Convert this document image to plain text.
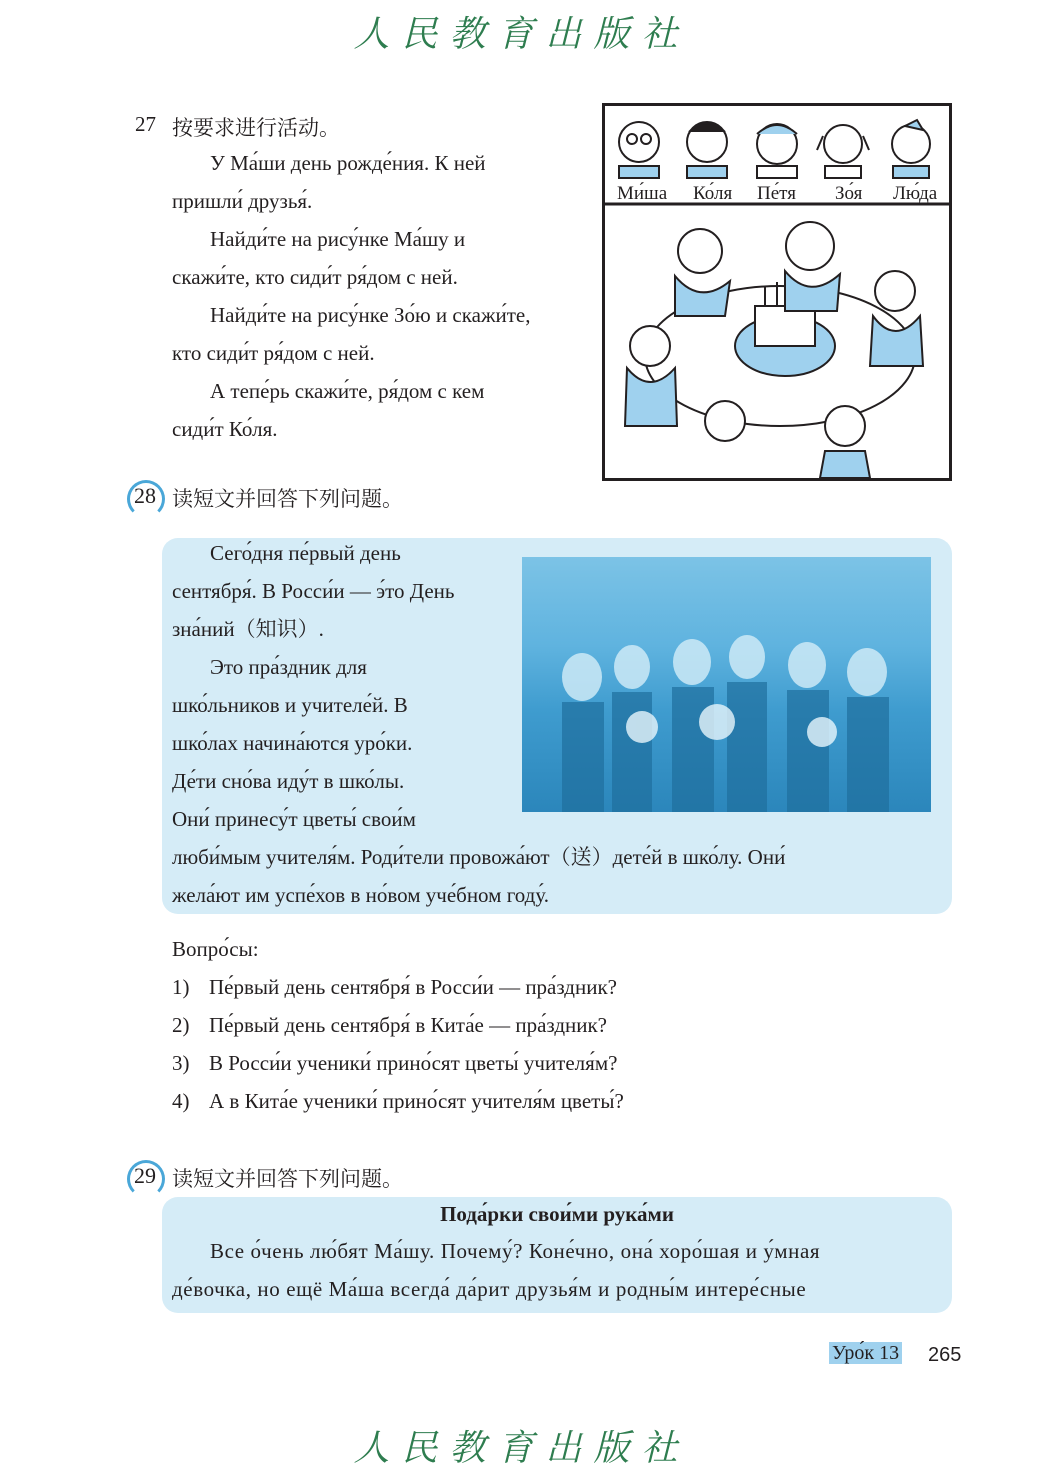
人民教育出版社
27 按要求进行活动。
У Ма́ши день рожде́ния. К ней
пришли́ друзья́.
Найди́те на рису́нке Ма́шу и
скажи́те, кто сиди́т ря́дом с ней.
Найди́те на рису́нке Зо́ю и скажи́те,
кто сиди́т ря́дом с ней.
А тепе́рь скажи́те, ря́дом с кем
сиди́т Ко́ля.
Ми́ша Ко́ля Пе́тя Зо́я Лю́да
28 读短文并回答下列问题。
Сего́дня пе́рвый день
сентября́. В Росси́и — э́то День
зна́ний（知识）.
Это пра́здник для
шко́льников и учителе́й. В
шко́лах начина́ются уро́ки.
Де́ти сно́ва иду́т в шко́лы.
Они́ принесу́т цветы́ свои́м
люби́мым учителя́м. Роди́тели провожа́ют（送）дете́й в шко́лу. Они́
жела́ют им успе́хов в но́вом уче́бном году́.
Вопро́сы:
1) Пе́рвый день сентября́ в Росси́и — пра́здник?
2) Пе́рвый день сентября́ в Кита́е — пра́здник?
3) В Росси́и ученики́ прино́сят цветы́ учителя́м?
4) А в Кита́е ученики́ прино́сят учителя́м цветы́?
29 读短文并回答下列问题。
Пода́рки свои́ми рука́ми
Все о́чень лю́бят Ма́шу. Почему́? Коне́чно, она́ хоро́шая и у́мная
де́вочка, но ещё Ма́ша всегда́ да́рит друзья́м и родны́м интере́сные
Уро́к 13 265
人民教育出版社
